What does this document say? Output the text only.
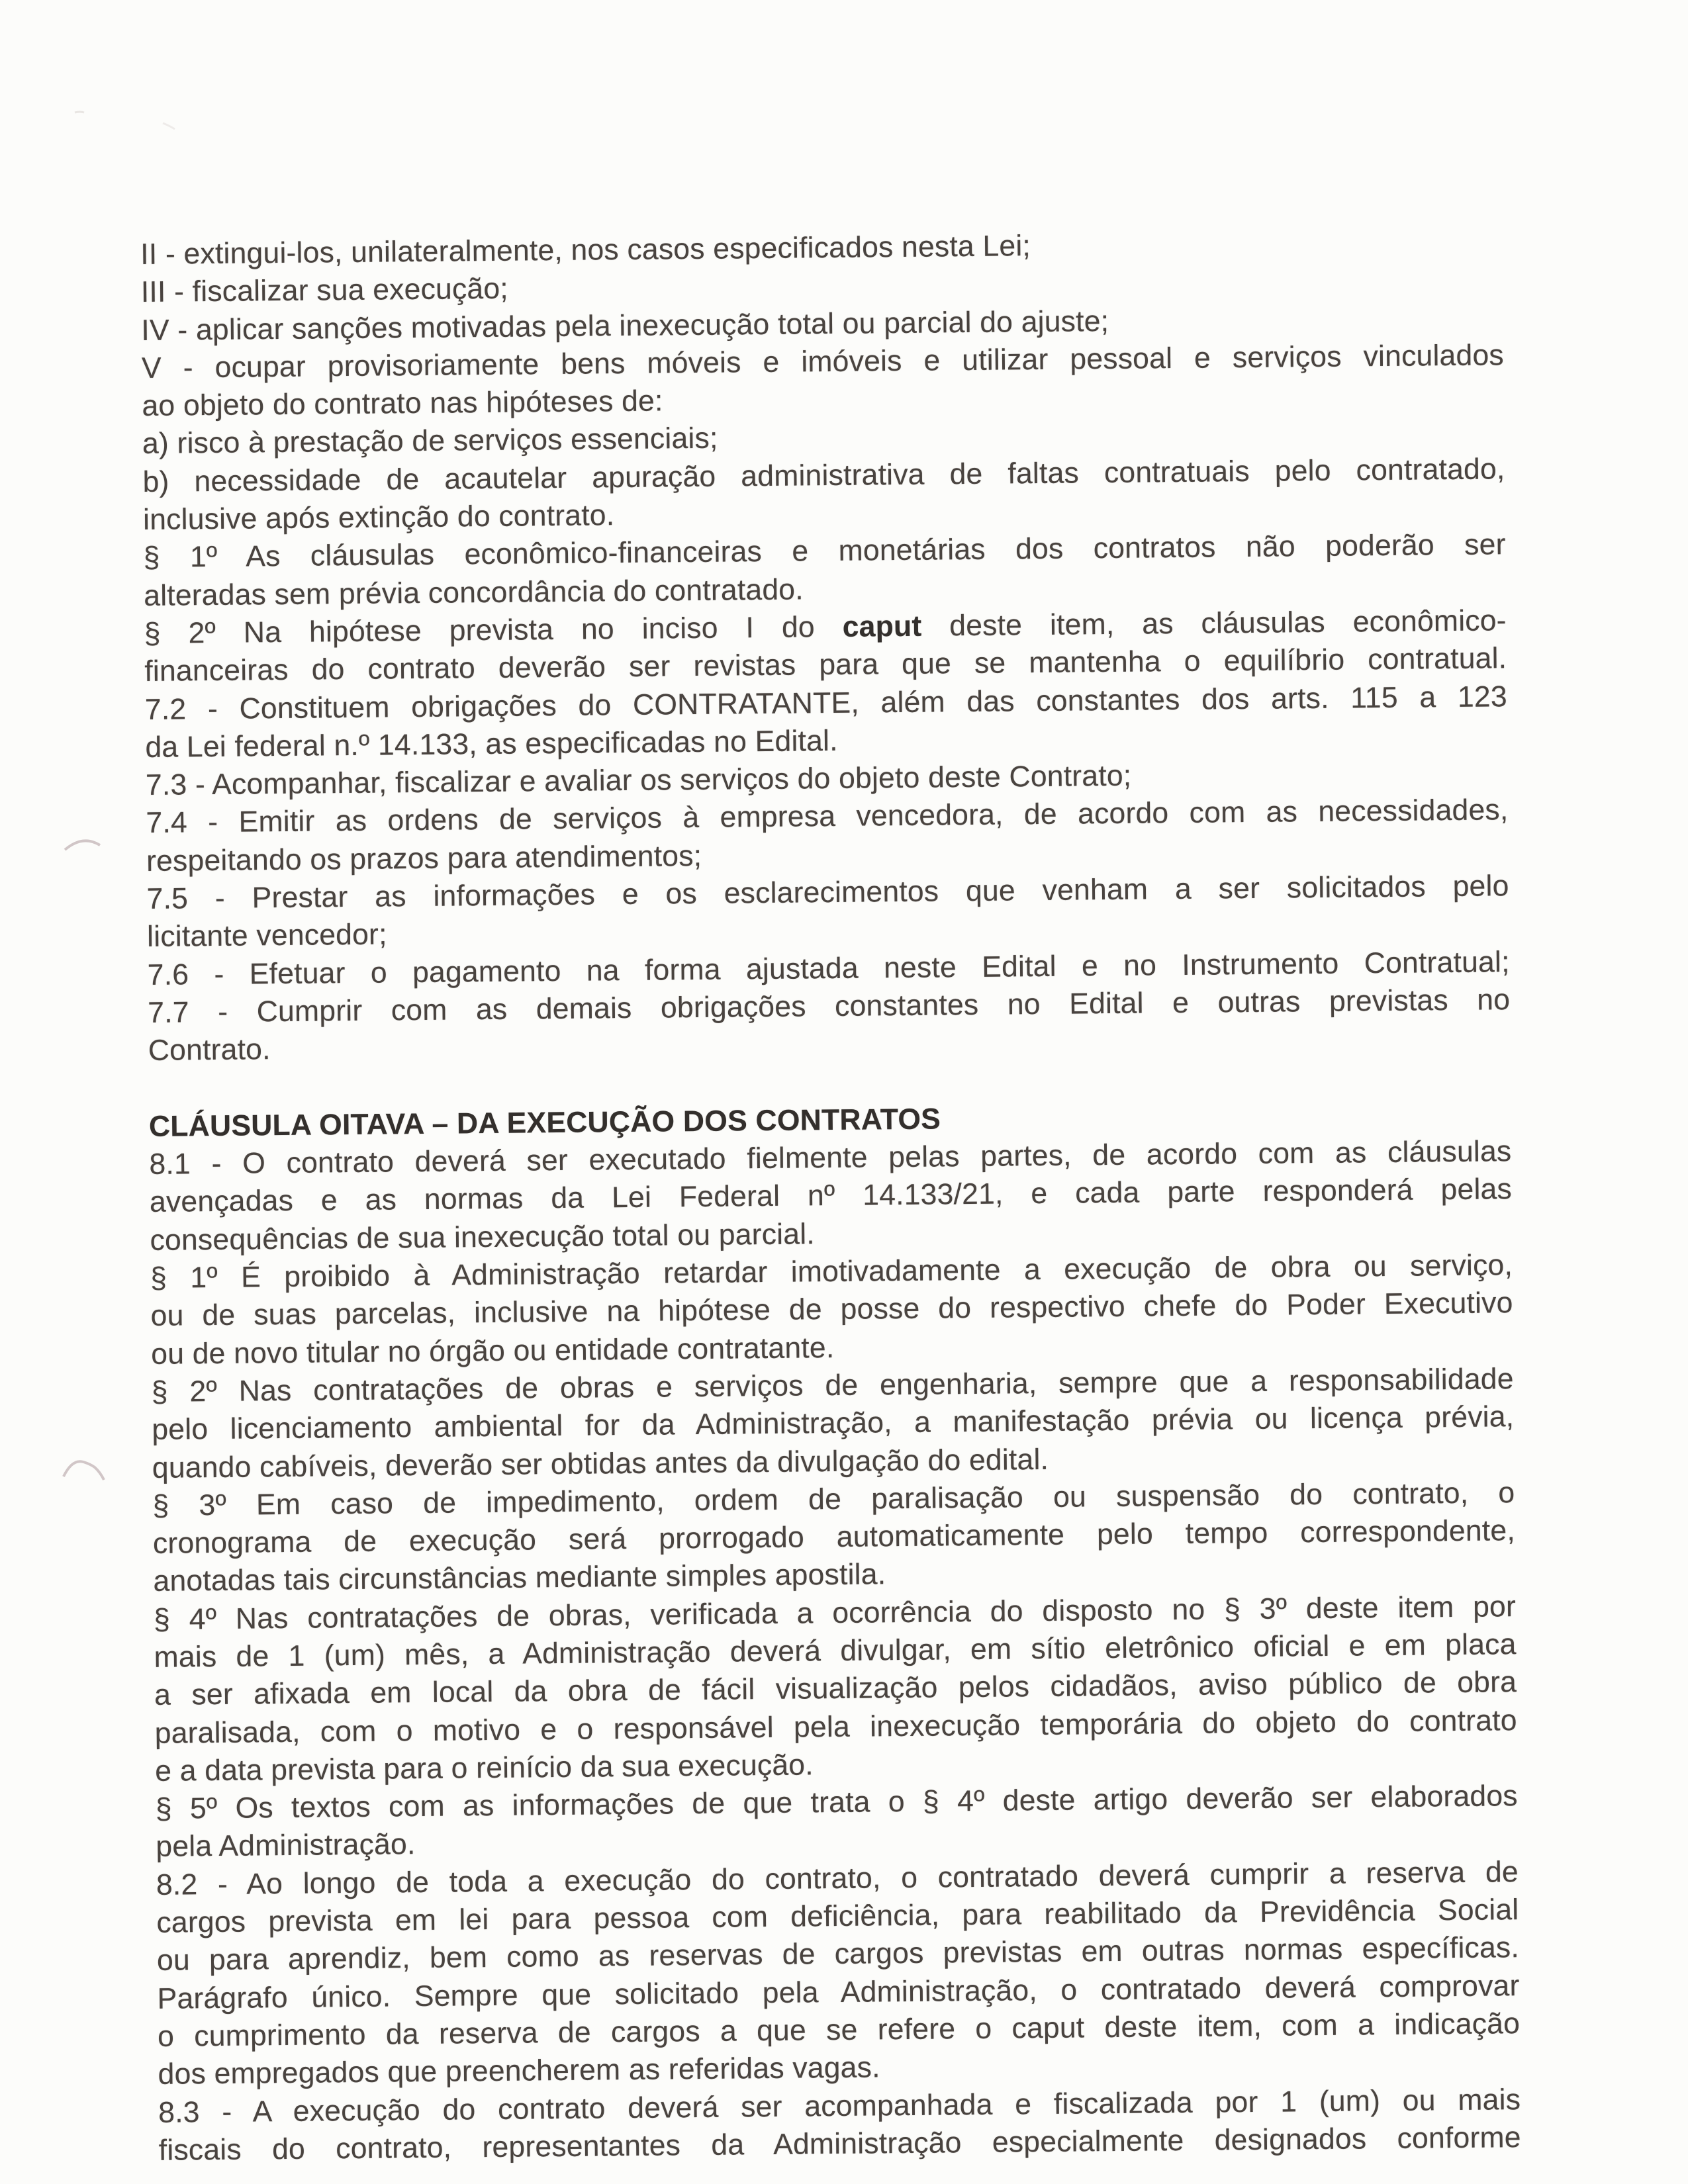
II - extingui-los, unilateralmente, nos casos especificados nesta Lei;
III - fiscalizar sua execução;
IV - aplicar sanções motivadas pela inexecução total ou parcial do ajuste;
V - ocupar provisoriamente bens móveis e imóveis e utilizar pessoal e serviços vinculados
ao objeto do contrato nas hipóteses de:
a) risco à prestação de serviços essenciais;
b) necessidade de acautelar apuração administrativa de faltas contratuais pelo contratado,
inclusive após extinção do contrato.
§ 1º As cláusulas econômico-financeiras e monetárias dos contratos não poderão ser
alteradas sem prévia concordância do contratado.
§ 2º Na hipótese prevista no inciso I do caput deste item, as cláusulas econômico-
financeiras do contrato deverão ser revistas para que se mantenha o equilíbrio contratual.
7.2 - Constituem obrigações do CONTRATANTE, além das constantes dos arts. 115 a 123
da Lei federal n.º 14.133, as especificadas no Edital.
7.3 - Acompanhar, fiscalizar e avaliar os serviços do objeto deste Contrato;
7.4 - Emitir as ordens de serviços à empresa vencedora, de acordo com as necessidades,
respeitando os prazos para atendimentos;
7.5 - Prestar as informações e os esclarecimentos que venham a ser solicitados pelo
licitante vencedor;
7.6 - Efetuar o pagamento na forma ajustada neste Edital e no Instrumento Contratual;
7.7 - Cumprir com as demais obrigações constantes no Edital e outras previstas no
Contrato.
CLÁUSULA OITAVA – DA EXECUÇÃO DOS CONTRATOS
8.1 - O contrato deverá ser executado fielmente pelas partes, de acordo com as cláusulas
avençadas e as normas da Lei Federal nº 14.133/21, e cada parte responderá pelas
consequências de sua inexecução total ou parcial.
§ 1º É proibido à Administração retardar imotivadamente a execução de obra ou serviço,
ou de suas parcelas, inclusive na hipótese de posse do respectivo chefe do Poder Executivo
ou de novo titular no órgão ou entidade contratante.
§ 2º Nas contratações de obras e serviços de engenharia, sempre que a responsabilidade
pelo licenciamento ambiental for da Administração, a manifestação prévia ou licença prévia,
quando cabíveis, deverão ser obtidas antes da divulgação do edital.
§ 3º Em caso de impedimento, ordem de paralisação ou suspensão do contrato, o
cronograma de execução será prorrogado automaticamente pelo tempo correspondente,
anotadas tais circunstâncias mediante simples apostila.
§ 4º Nas contratações de obras, verificada a ocorrência do disposto no § 3º deste item por
mais de 1 (um) mês, a Administração deverá divulgar, em sítio eletrônico oficial e em placa
a ser afixada em local da obra de fácil visualização pelos cidadãos, aviso público de obra
paralisada, com o motivo e o responsável pela inexecução temporária do objeto do contrato
e a data prevista para o reinício da sua execução.
§ 5º Os textos com as informações de que trata o § 4º deste artigo deverão ser elaborados
pela Administração.
8.2 - Ao longo de toda a execução do contrato, o contratado deverá cumprir a reserva de
cargos prevista em lei para pessoa com deficiência, para reabilitado da Previdência Social
ou para aprendiz, bem como as reservas de cargos previstas em outras normas específicas.
Parágrafo único. Sempre que solicitado pela Administração, o contratado deverá comprovar
o cumprimento da reserva de cargos a que se refere o caput deste item, com a indicação
dos empregados que preencherem as referidas vagas.
8.3 - A execução do contrato deverá ser acompanhada e fiscalizada por 1 (um) ou mais
fiscais do contrato, representantes da Administração especialmente designados conforme
